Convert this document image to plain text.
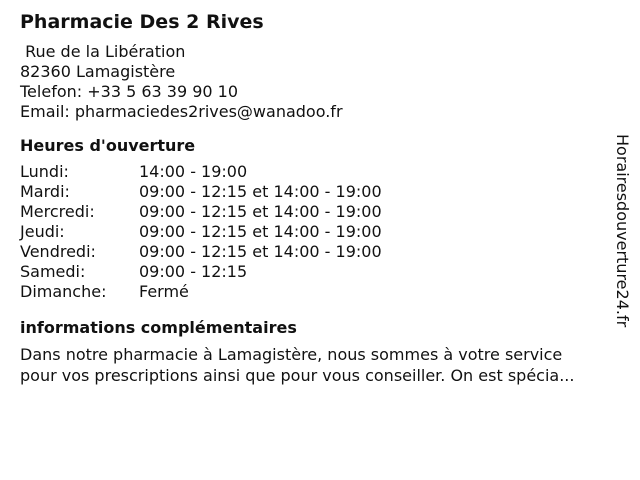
Pharmacie Des 2 Rives
Rue de la Libération
82360 Lamagistère
Telefon: +33 5 63 39 90 10
Email: pharmaciedes2rives@wanadoo.fr
Heures d'ouverture
Lundi:	14:00 - 19:00
Mardi:	09:00 - 12:15 et 14:00 - 19:00
Mercredi:	09:00 - 12:15 et 14:00 - 19:00
Jeudi:	09:00 - 12:15 et 14:00 - 19:00
Vendredi:	09:00 - 12:15 et 14:00 - 19:00
Samedi:	09:00 - 12:15
Dimanche:	Fermé
informations complémentaires
Dans notre pharmacie à Lamagistère, nous sommes à votre service
pour vos prescriptions ainsi que pour vous conseiller. On est spécia...
Horairesdouverture24.fr
